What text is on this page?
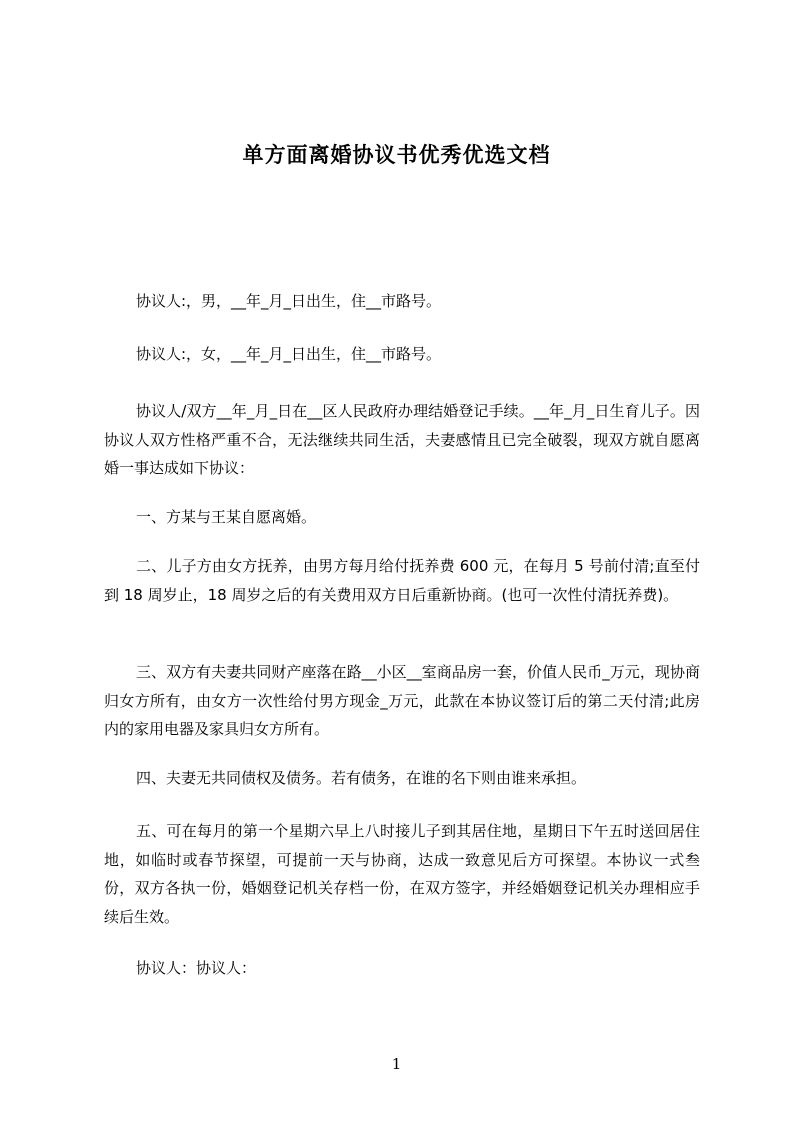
单方面离婚协议书优秀优选文档

协议人:，男，__年_月_日出生，住__市路号。

协议人:，女，__年_月_日出生，住__市路号。

协议人/双方__年_月_日在__区人民政府办理结婚登记手续。__年_月_日生育儿子。因协议人双方性格严重不合，无法继续共同生活，夫妻感情且已完全破裂，现双方就自愿离婚一事达成如下协议：

一、方某与王某自愿离婚。

二、儿子方由女方抚养，由男方每月给付抚养费 600 元，在每月 5 号前付清;直至付到 18 周岁止，18 周岁之后的有关费用双方日后重新协商。(也可一次性付清抚养费)。

三、双方有夫妻共同财产座落在路__小区__室商品房一套，价值人民币_万元，现协商归女方所有，由女方一次性给付男方现金_万元，此款在本协议签订后的第二天付清;此房内的家用电器及家具归女方所有。

四、夫妻无共同债权及债务。若有债务，在谁的名下则由谁来承担。

五、可在每月的第一个星期六早上八时接儿子到其居住地，星期日下午五时送回居住地，如临时或春节探望，可提前一天与协商，达成一致意见后方可探望。本协议一式叁份，双方各执一份，婚姻登记机关存档一份，在双方签字，并经婚姻登记机关办理相应手续后生效。

协议人：协议人：

1
